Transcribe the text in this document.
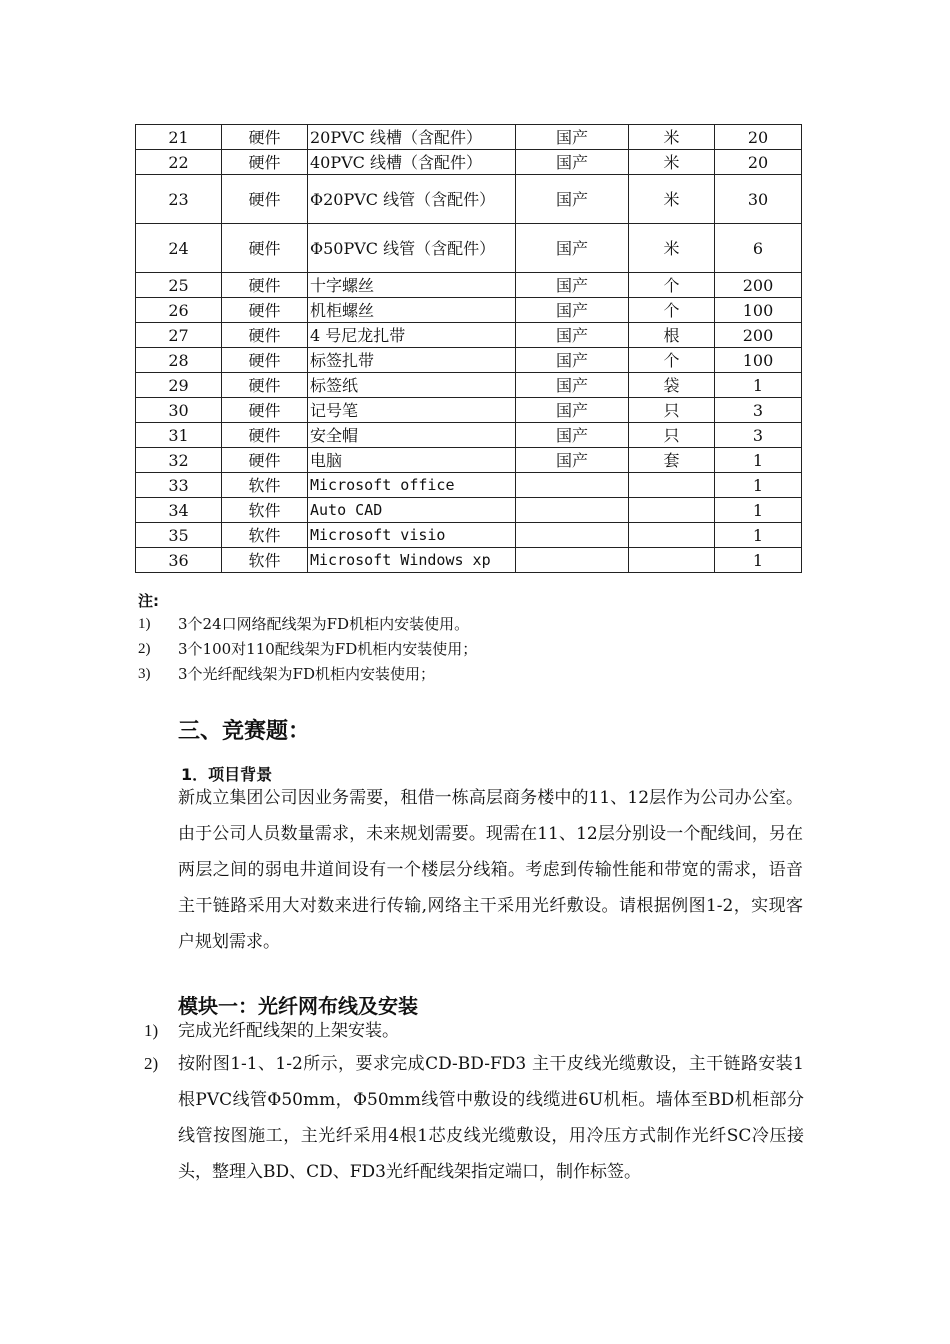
21	硬件	20PVC 线槽（含配件）	国产	米	20
22	硬件	40PVC 线槽（含配件）	国产	米	20
23	硬件	Φ20PVC 线管（含配件）	国产	米	30
24	硬件	Φ50PVC 线管（含配件）	国产	米	6
25	硬件	十字螺丝	国产	个	200
26	硬件	机柜螺丝	国产	个	100
27	硬件	4 号尼龙扎带	国产	根	200
28	硬件	标签扎带	国产	个	100
29	硬件	标签纸	国产	袋	1
30	硬件	记号笔	国产	只	3
31	硬件	安全帽	国产	只	3
32	硬件	电脑	国产	套	1
33	软件	Microsoft office			1
34	软件	Auto CAD			1
35	软件	Microsoft visio			1
36	软件	Microsoft Windows xp			1
注:
1)	3个24口网络配线架为FD机柜内安装使用。
2)	3个100对110配线架为FD机柜内安装使用；
3)	3个光纤配线架为FD机柜内安装使用；
三、竞赛题：
1．项目背景
新成立集团公司因业务需要，租借一栋高层商务楼中的11、12层作为公司办公室。由于公司人员数量需求，未来规划需要。现需在11、12层分别设一个配线间，另在两层之间的弱电井道间设有一个楼层分线箱。考虑到传输性能和带宽的需求，语音主干链路采用大对数来进行传输,网络主干采用光纤敷设。请根据例图1-2，实现客户规划需求。
模块一：光纤网布线及安装
1)	完成光纤配线架的上架安装。
2)	按附图1-1、1-2所示，要求完成CD-BD-FD3 主干皮线光缆敷设，主干链路安装1根PVC线管Φ50mm，Φ50mm线管中敷设的线缆进6U机柜。墙体至BD机柜部分线管按图施工，主光纤采用4根1芯皮线光缆敷设，用冷压方式制作光纤SC冷压接头，整理入BD、CD、FD3光纤配线架指定端口，制作标签。
